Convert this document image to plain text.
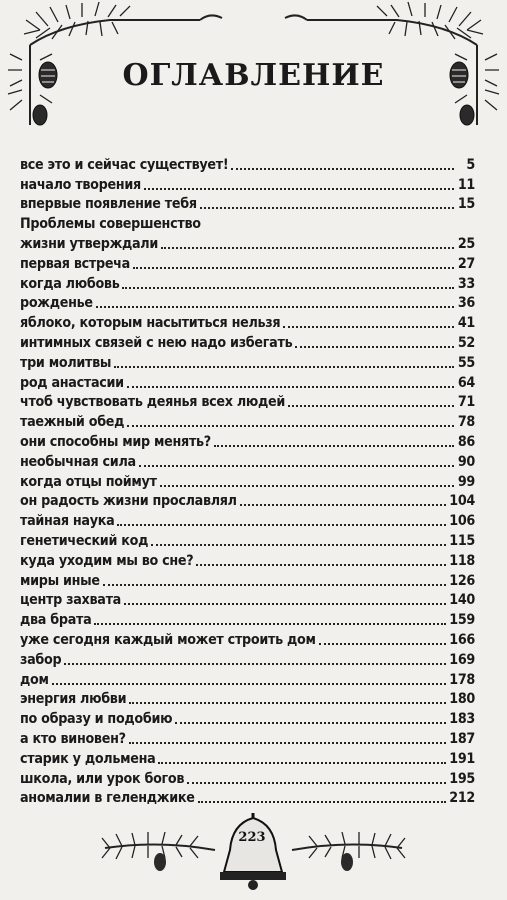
ОГЛАВЛЕНИЕ
все это и сейчас существует!	5
начало творения	11
впервые появление тебя	15
Проблемы совершенство
жизни утверждали	25
первая встреча	27
когда любовь	33
рожденье	36
яблоко, которым насытиться нельзя	41
интимных связей с нею надо избегать	52
три молитвы	55
род анастасии	64
чтоб чувствовать деянья всех людей	71
таежный обед	78
они способны мир менять?	86
необычная сила	90
когда отцы поймут	99
он радость жизни прославлял	104
тайная наука	106
генетический код	115
куда уходим мы во сне?	118
миры иные	126
центр захвата	140
два брата	159
уже сегодня каждый может строить дом	166
забор	169
дом	178
энергия любви	180
по образу и подобию	183
а кто виновен?	187
старик у дольмена	191
школа, или урок богов	195
аномалии в геленджике	212
223
